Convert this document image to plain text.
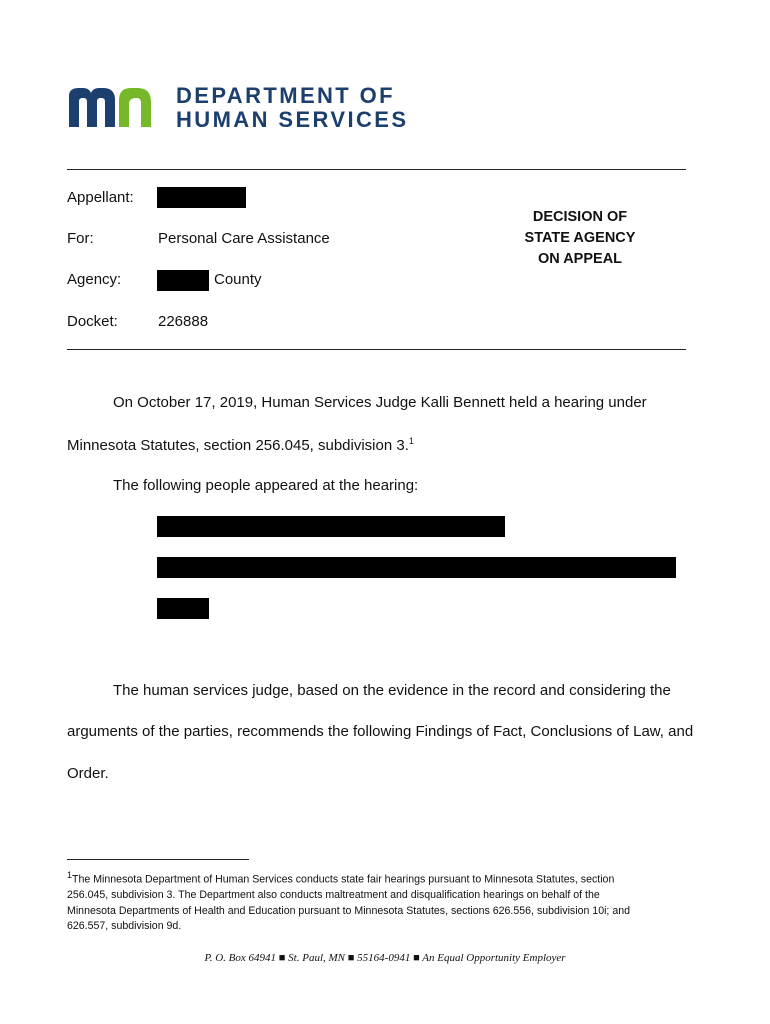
DEPARTMENT OF
HUMAN SERVICES
Appellant:
For:	Personal Care Assistance
Agency:	County
Docket:	226888
DECISION OF
STATE AGENCY
ON APPEAL
On October 17, 2019, Human Services Judge Kalli Bennett held a hearing under
Minnesota Statutes, section 256.045, subdivision 3.$^1$
The following people appeared at the hearing:
The human services judge, based on the evidence in the record and considering the
arguments of the parties, recommends the following Findings of Fact, Conclusions of Law, and
Order.
$^1$The Minnesota Department of Human Services conducts state fair hearings pursuant to Minnesota Statutes, section
256.045, subdivision 3. The Department also conducts maltreatment and disqualification hearings on behalf of the
Minnesota Departments of Health and Education pursuant to Minnesota Statutes, sections 626.556, subdivision 10i; and
626.557, subdivision 9d.
P. O. Box 64941 ■ St. Paul, MN ■ 55164-0941 ■ An Equal Opportunity Employer
